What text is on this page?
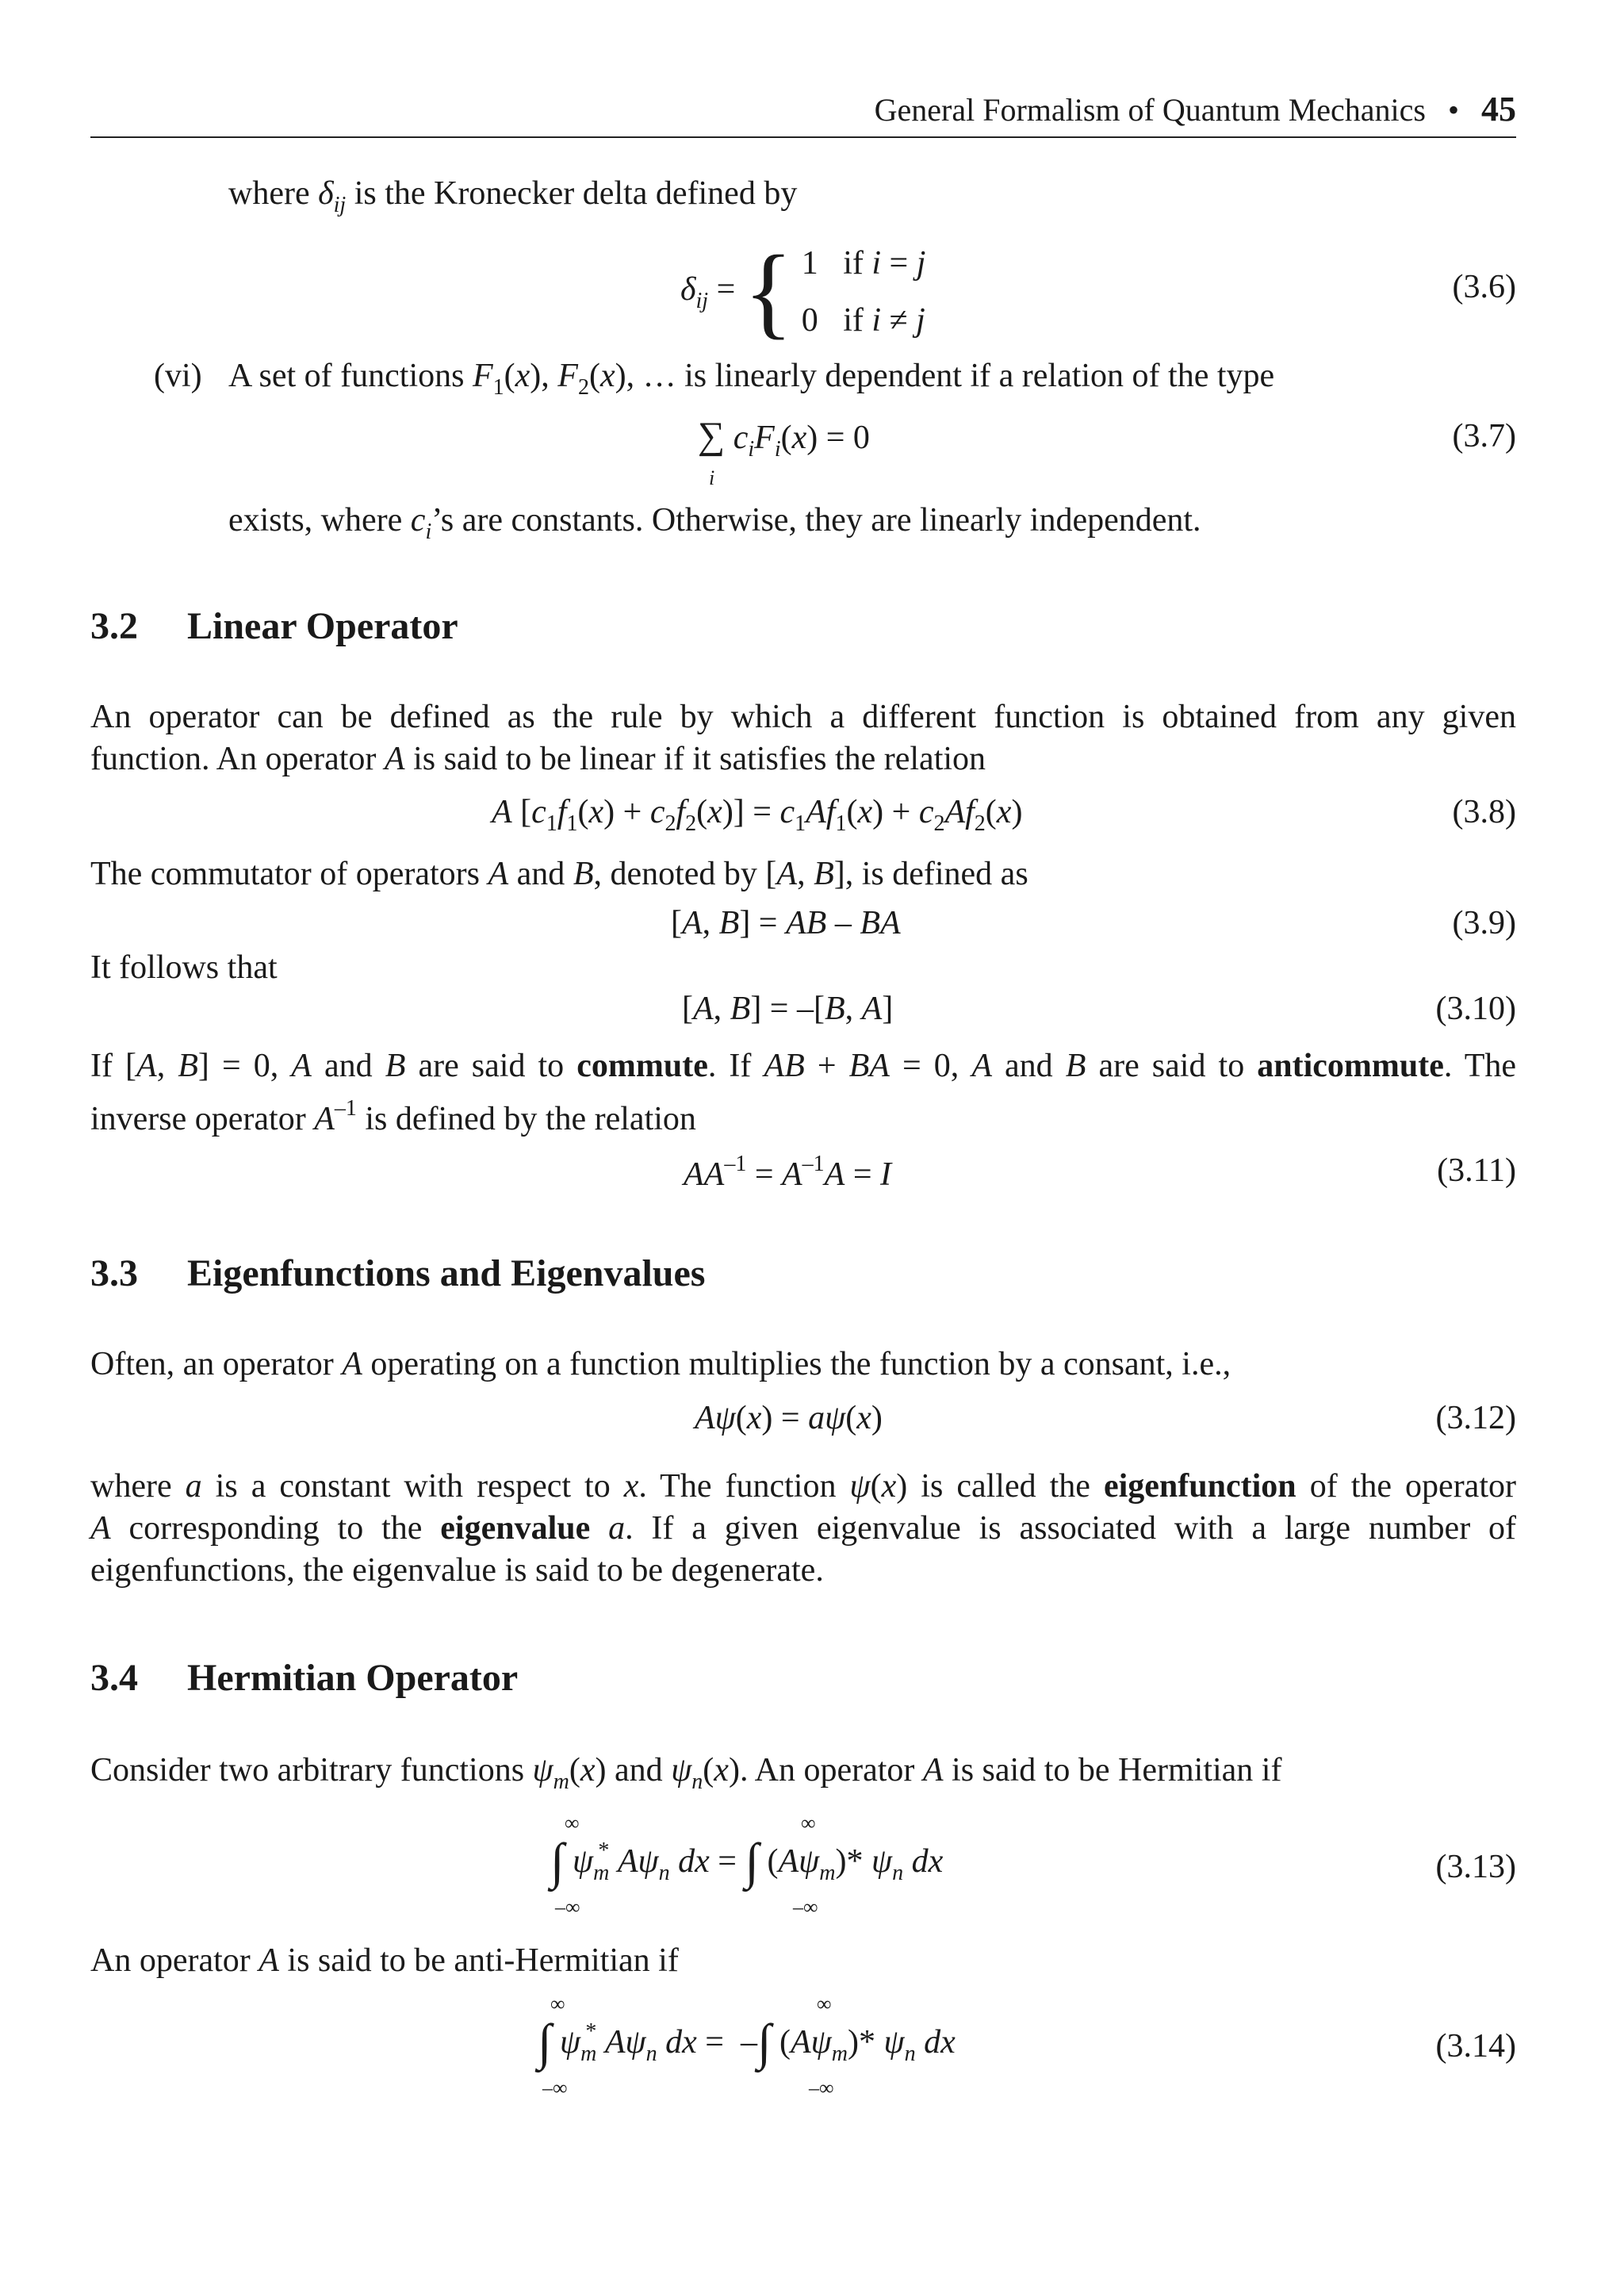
General Formalism of Quantum Mechanics • 45
where $\delta_{ij}$ is the Kronecker delta defined by
$\delta_{ij}$ = { 1   if i = j
0   if i ≠ j
(3.6)
(vi) A set of functions $F_1(x)$, $F_2(x)$, … is linearly dependent if a relation of the type
∑ $c_iF_i(x) = 0$
i
(3.7)
exists, where $c_i’s$ are constants. Otherwise, they are linearly independent.
3.2 Linear Operator
An operator can be defined as the rule by which a different function is obtained from any given
function. An operator A is said to be linear if it satisfies the relation
A $[c_1f_1(x) + c_2f_2(x)] = c_1Af_1(x) + c_2Af_2(x)$	(3.8)
The commutator of operators A and B, denoted by [A, B], is defined as
[A, B] = AB – BA	(3.9)
It follows that
[A, B] = –[B, A]	(3.10)
If [A, B] = 0, A and B are said to commute. If AB + BA = 0, A and B are said to anticommute. The
inverse operator $A^{-1}$ is defined by the relation
$AA^{-1} = A^{-1}A = I$	(3.11)
3.3 Eigenfunctions and Eigenvalues
Often, an operator A operating on a function multiplies the function by a consant, i.e.,
Aψ(x) = aψ(x)	(3.12)
where a is a constant with respect to x. The function ψ(x) is called the eigenfunction of the operator
A corresponding to the eigenvalue a. If a given eigenvalue is associated with a large number of
eigenfunctions, the eigenvalue is said to be degenerate.
3.4 Hermitian Operator
Consider two arbitrary functions $\psi_m(x)$ and $\psi_n(x)$. An operator A is said to be Hermitian if
∞	∞
∫ $\psi_m^*$ $A\psi_n$ dx = ∫ $(A\psi_m)*$ $\psi_n$ dx
–∞	–∞
(3.13)
An operator A is said to be anti-Hermitian if
∞	∞
∫ $\psi_m^*$ $A\psi_n$ dx =  –∫ $(A\psi_m)*$ $\psi_n$ dx
–∞	–∞
(3.14)
